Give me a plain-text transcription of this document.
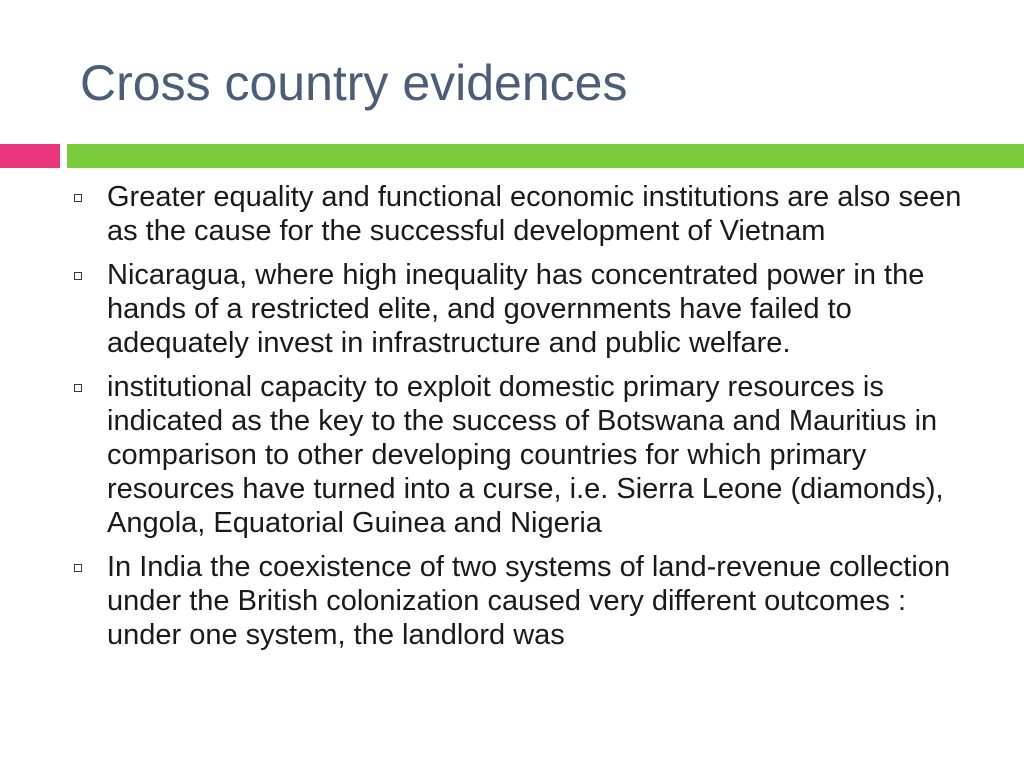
Cross country evidences
Greater equality and functional economic institutions are also seen as the cause for the successful development of Vietnam
Nicaragua, where high inequality has concentrated power in the hands of a restricted elite, and governments have failed to adequately invest in infrastructure and public welfare.
institutional capacity to exploit domestic primary resources is indicated as the key to the success of Botswana and Mauritius in comparison to other developing countries for which primary resources have turned into a curse, i.e. Sierra Leone (diamonds), Angola, Equatorial Guinea and Nigeria
In India the coexistence of two systems of land-revenue collection under the British colonization caused very different outcomes : under one system, the landlord was
